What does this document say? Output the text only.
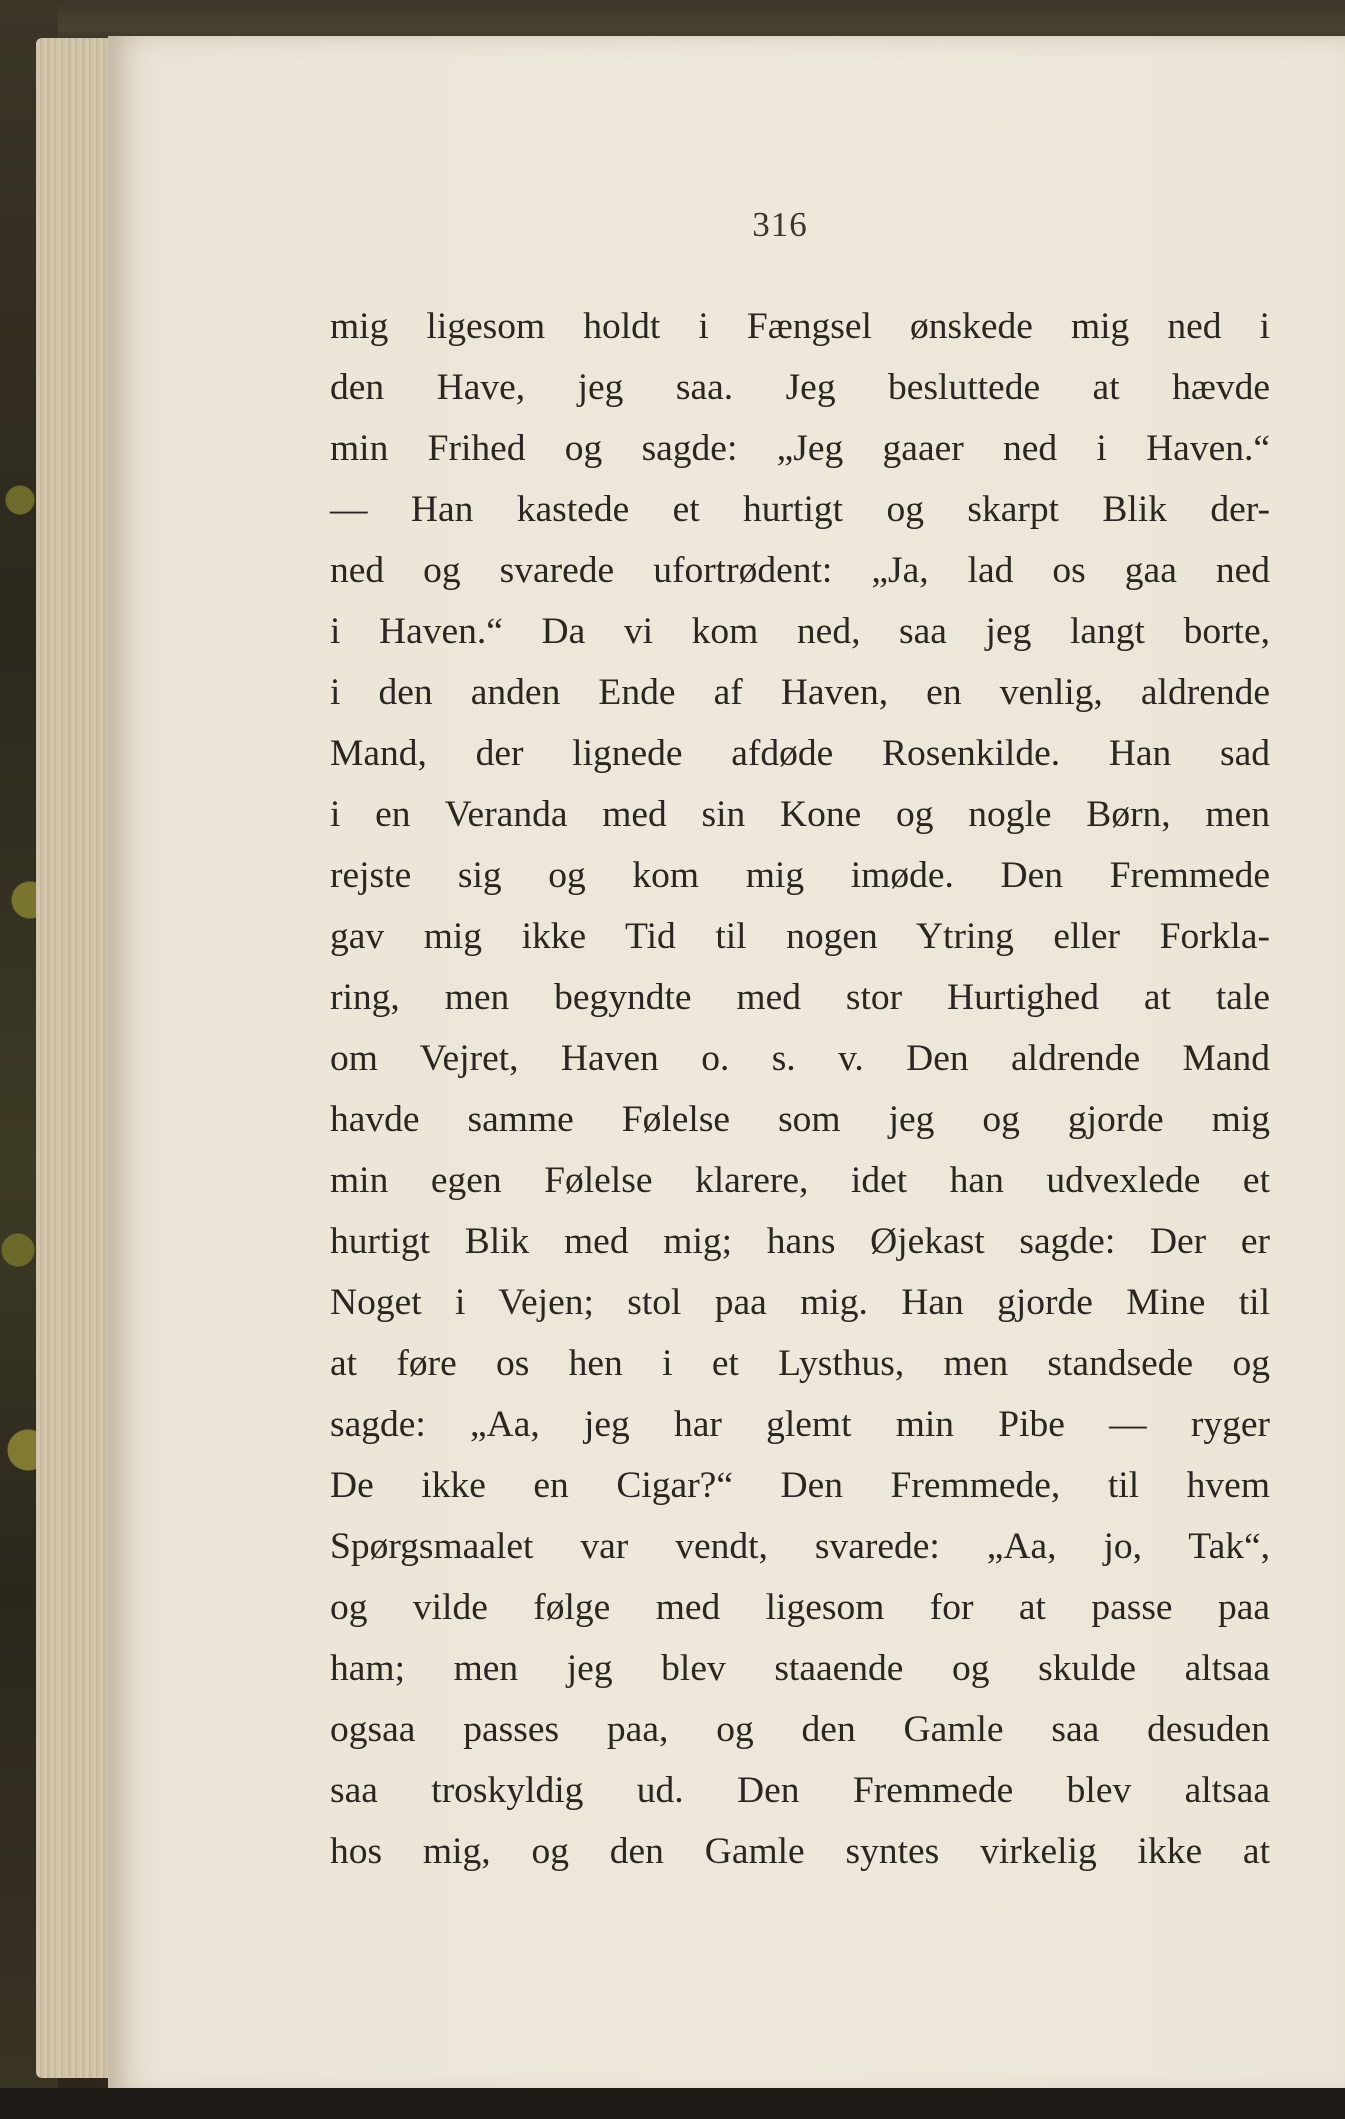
316
mig ligesom holdt i Fængsel ønskede mig ned i
den Have, jeg saa. Jeg besluttede at hævde
min Frihed og sagde: „Jeg gaaer ned i Haven.“
— Han kastede et hurtigt og skarpt Blik der-
ned og svarede ufortrødent: „Ja, lad os gaa ned
i Haven.“ Da vi kom ned, saa jeg langt borte,
i den anden Ende af Haven, en venlig, aldrende
Mand, der lignede afdøde Rosenkilde. Han sad
i en Veranda med sin Kone og nogle Børn, men
rejste sig og kom mig imøde. Den Fremmede
gav mig ikke Tid til nogen Ytring eller Forkla-
ring, men begyndte med stor Hurtighed at tale
om Vejret, Haven o. s. v. Den aldrende Mand
havde samme Følelse som jeg og gjorde mig
min egen Følelse klarere, idet han udvexlede et
hurtigt Blik med mig; hans Øjekast sagde: Der er
Noget i Vejen; stol paa mig. Han gjorde Mine til
at føre os hen i et Lysthus, men standsede og
sagde: „Aa, jeg har glemt min Pibe — ryger
De ikke en Cigar?“ Den Fremmede, til hvem
Spørgsmaalet var vendt, svarede: „Aa, jo, Tak“,
og vilde følge med ligesom for at passe paa
ham; men jeg blev staaende og skulde altsaa
ogsaa passes paa, og den Gamle saa desuden
saa troskyldig ud. Den Fremmede blev altsaa
hos mig, og den Gamle syntes virkelig ikke at
